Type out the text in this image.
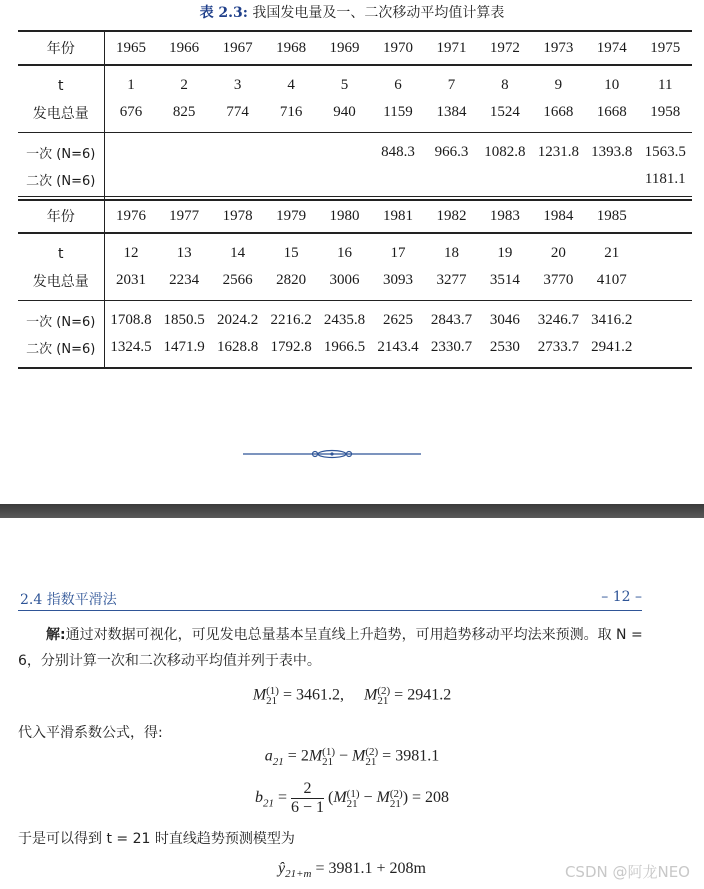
表 2.3: 我国发电量及一、二次移动平均值计算表
年份	1965	1966	1967	1968	1969	1970	1971	1972	1973	1974	1975
t	1	2	3	4	5	6	7	8	9	10	11
发电总量	676	825	774	716	940	1159	1384	1524	1668	1668	1958
一次 (N=6)						848.3	966.3	1082.8	1231.8	1393.8	1563.5
二次 (N=6)											1181.1
年份	1976	1977	1978	1979	1980	1981	1982	1983	1984	1985	
t	12	13	14	15	16	17	18	19	20	21	
发电总量	2031	2234	2566	2820	3006	3093	3277	3514	3770	4107	
一次 (N=6)	1708.8	1850.5	2024.2	2216.2	2435.8	2625	2843.7	3046	3246.7	3416.2	
二次 (N=6)	1324.5	1471.9	1628.8	1792.8	1966.5	2143.4	2330.7	2530	2733.7	2941.2	
2.4 指数平滑法	– 12 –
解:通过对数据可视化，可见发电总量基本呈直线上升趋势，可用趋势移动平均法来预测。取 N = 6，分别计算一次和二次移动平均值并列于表中。
M (1)
21 = 3461.2,     M (2)
21 = 2941.2
代入平滑系数公式，得:
$a_{21} = 2M$ (1)
21 − M (2)
21 = 3981.1
$b_{21} = \frac{2}{6 - 1} (M$ (1)
21 − M (2)
21 ) = 208
于是可以得到 t = 21 时直线趋势预测模型为
$ŷ_{21+m} = 3981.1 + 208m$	CSDN @阿龙NEO
